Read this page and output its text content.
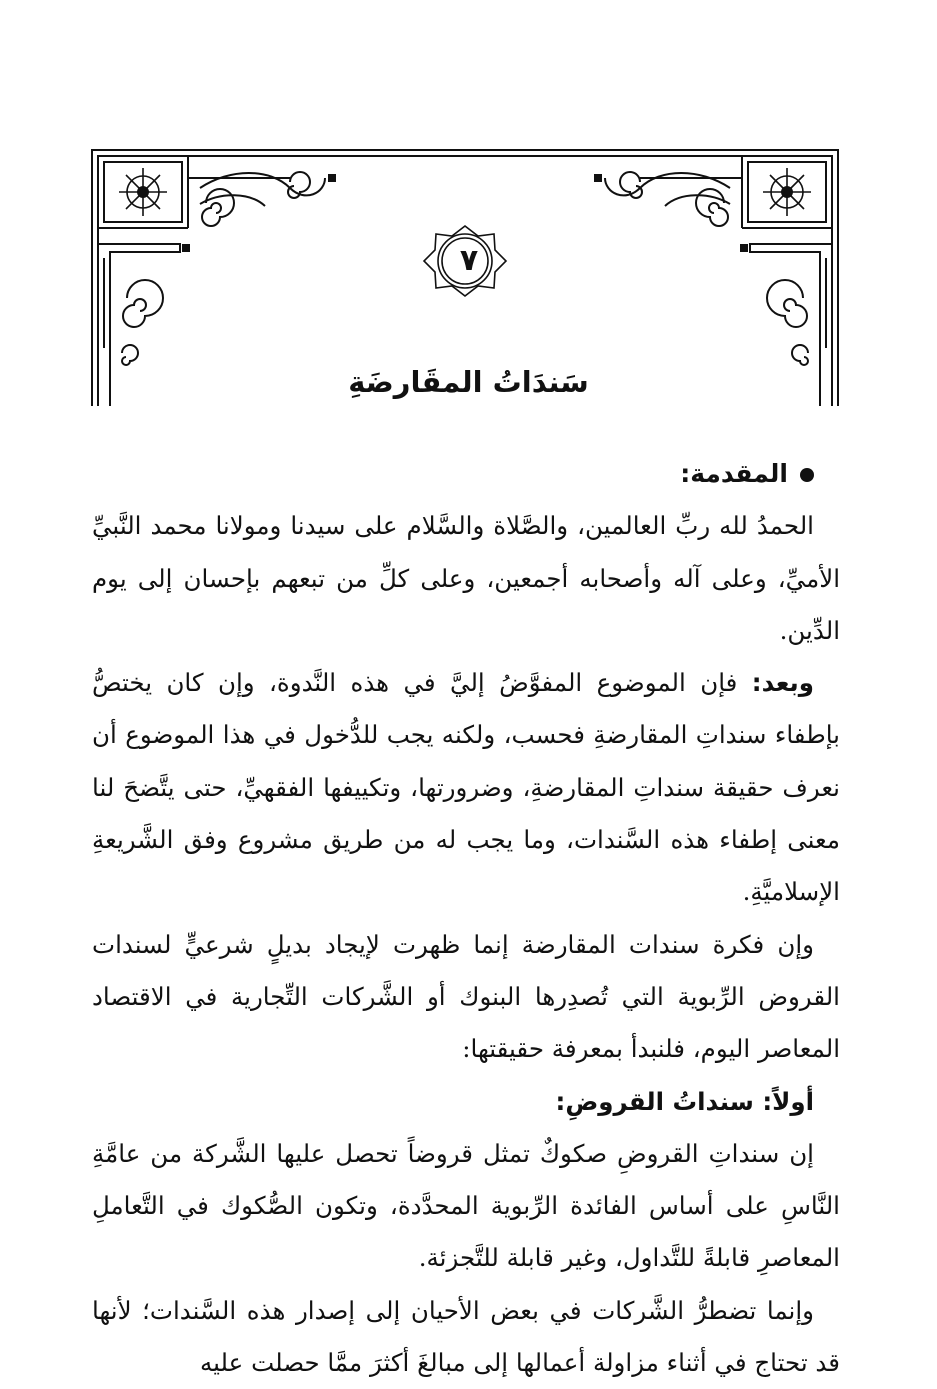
سَندَاتُ المقَارضَةِ
٧

المقدمة:

الحمدُ لله ربِّ العالمين، والصَّلاة والسَّلام على سيدنا ومولانا محمد النَّبيِّ الأميِّ، وعلى آله وأصحابه أجمعين، وعلى كلِّ من تبعهم بإحسان إلى يوم الدِّين.

وبعد: فإن الموضوع المفوَّضُ إليَّ في هذه النَّدوة، وإن كان يختصُّ بإطفاء سنداتِ المقارضةِ فحسب، ولكنه يجب للدُّخول في هذا الموضوع أن نعرف حقيقة سنداتِ المقارضةِ، وضرورتها، وتكييفها الفقهيِّ، حتى يتَّضحَ لنا معنى إطفاء هذه السَّندات، وما يجب له من طريق مشروع وفق الشَّريعةِ الإسلاميَّةِ.

وإن فكرة سندات المقارضة إنما ظهرت لإيجاد بديلٍ شرعيٍّ لسندات القروض الرِّبوية التي تُصدِرها البنوك أو الشَّركات التِّجارية في الاقتصاد المعاصر اليوم، فلنبدأ بمعرفة حقيقتها:

أولاً: سنداتُ القروضِ:

إن سنداتِ القروضِ صكوكٌ تمثل قروضاً تحصل عليها الشَّركة من عامَّةِ النَّاسِ على أساس الفائدة الرِّبوية المحدَّدة، وتكون الصُّكوك في التَّعاملِ المعاصرِ قابلةً للتَّداول، وغير قابلة للتَّجزئة.

وإنما تضطرُّ الشَّركات في بعض الأحيان إلى إصدار هذه السَّندات؛ لأنها قد تحتاج في أثناء مزاولة أعمالها إلى مبالغَ أكثرَ ممَّا حصلت عليه
